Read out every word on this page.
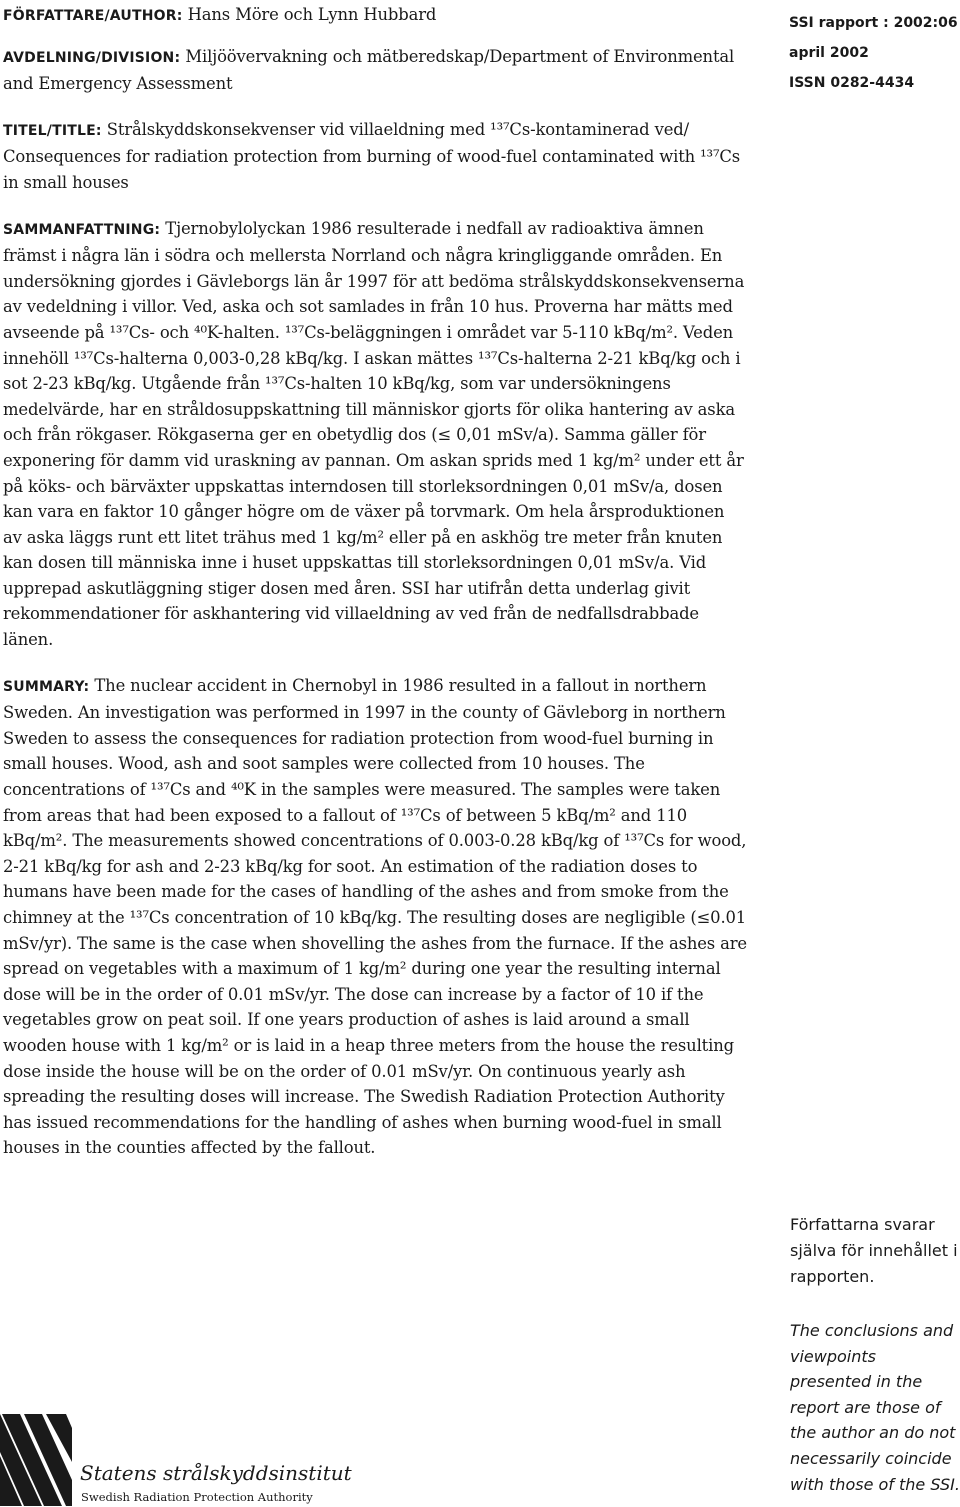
FÖRFATTARE/AUTHOR: Hans Möre och Lynn Hubbard

AVDELNING/DIVISION: Miljöövervakning och mätberedskap/Department of Environmental and Emergency Assessment

TITEL/TITLE: Strålskyddskonsekvenser vid villaeldning med ¹³⁷Cs-kontaminerad ved/ Consequences for radiation protection from burning of wood-fuel contaminated with ¹³⁷Cs in small houses

SAMMANFATTNING: Tjernobylolyckan 1986 resulterade i nedfall av radioaktiva ämnen främst i några län i södra och mellersta Norrland och några kringliggande områden. En undersökning gjordes i Gävleborgs län år 1997 för att bedöma strålskyddskonsekvenserna av vedeldning i villor. Ved, aska och sot samlades in från 10 hus. Proverna har mätts med avseende på ¹³⁷Cs- och ⁴⁰K-halten. ¹³⁷Cs-beläggningen i området var 5-110 kBq/m². Veden innehöll ¹³⁷Cs-halterna 0,003-0,28 kBq/kg. I askan mättes ¹³⁷Cs-halterna 2-21 kBq/kg och i sot 2-23 kBq/kg. Utgående från ¹³⁷Cs-halten 10 kBq/kg, som var undersökningens medelvärde, har en stråldosuppskattning till människor gjorts för olika hantering av aska och från rökgaser. Rökgaserna ger en obetydlig dos (≤ 0,01 mSv/a). Samma gäller för exponering för damm vid uraskning av pannan. Om askan sprids med 1 kg/m² under ett år på köks- och bärväxter uppskattas interndosen till storleksordningen 0,01 mSv/a, dosen kan vara en faktor 10 gånger högre om de växer på torvmark. Om hela årsproduktionen av aska läggs runt ett litet trähus med 1 kg/m² eller på en askhög tre meter från knuten kan dosen till människa inne i huset uppskattas till storleksordningen 0,01 mSv/a. Vid upprepad askutläggning stiger dosen med åren. SSI har utifrån detta underlag givit rekommendationer för askhantering vid villaeldning av ved från de nedfallsdrabbade länen.

SUMMARY: The nuclear accident in Chernobyl in 1986 resulted in a fallout in northern Sweden. An investigation was performed in 1997 in the county of Gävleborg in northern Sweden to assess the consequences for radiation protection from wood-fuel burning in small houses. Wood, ash and soot samples were collected from 10 houses. The concentrations of ¹³⁷Cs and ⁴⁰K in the samples were measured. The samples were taken from areas that had been exposed to a fallout of ¹³⁷Cs of between 5 kBq/m² and 110 kBq/m². The measurements showed concentrations of 0.003-0.28 kBq/kg of ¹³⁷Cs for wood, 2-21 kBq/kg for ash and 2-23 kBq/kg for soot. An estimation of the radiation doses to humans have been made for the cases of handling of the ashes and from smoke from the chimney at the ¹³⁷Cs concentration of 10 kBq/kg. The resulting doses are negligible (≤0.01 mSv/yr). The same is the case when shovelling the ashes from the furnace. If the ashes are spread on vegetables with a maximum of 1 kg/m² during one year the resulting internal dose will be in the order of 0.01 mSv/yr. The dose can increase by a factor of 10 if the vegetables grow on peat soil. If one years production of ashes is laid around a small wooden house with 1 kg/m² or is laid in a heap three meters from the house the resulting dose inside the house will be on the order of 0.01 mSv/yr. On continuous yearly ash spreading the resulting doses will increase. The Swedish Radiation Protection Authority has issued recommendations for the handling of ashes when burning wood-fuel in small houses in the counties affected by the fallout.

SSI rapport : 2002:06
april 2002
ISSN 0282-4434
Författarna svarar själva för innehållet i rapporten.
The conclusions and viewpoints presented in the report are those of the author an do not necessarily coincide with those of the SSI.
Statens strålskyddsinstitut
Swedish Radiation Protection Authority
